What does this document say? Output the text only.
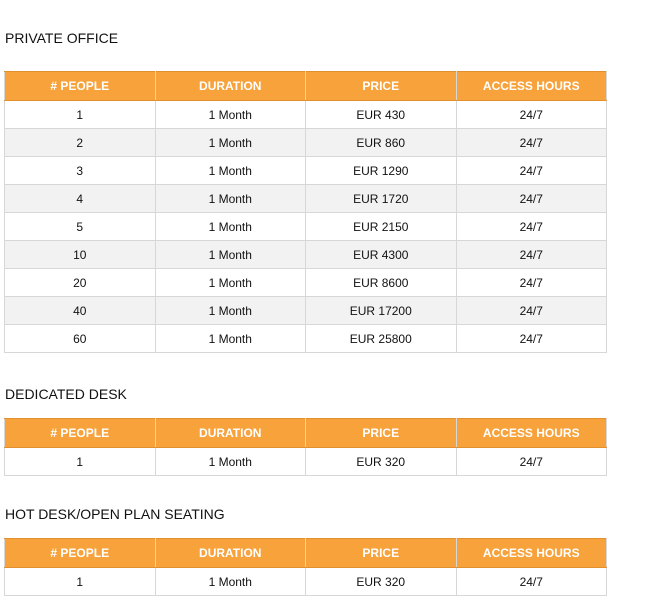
PRIVATE OFFICE
# PEOPLE	DURATION	PRICE	ACCESS HOURS
1	1 Month	EUR 430	24/7
2	1 Month	EUR 860	24/7
3	1 Month	EUR 1290	24/7
4	1 Month	EUR 1720	24/7
5	1 Month	EUR 2150	24/7
10	1 Month	EUR 4300	24/7
20	1 Month	EUR 8600	24/7
40	1 Month	EUR 17200	24/7
60	1 Month	EUR 25800	24/7
DEDICATED DESK
# PEOPLE	DURATION	PRICE	ACCESS HOURS
1	1 Month	EUR 320	24/7
HOT DESK/OPEN PLAN SEATING
# PEOPLE	DURATION	PRICE	ACCESS HOURS
1	1 Month	EUR 320	24/7
